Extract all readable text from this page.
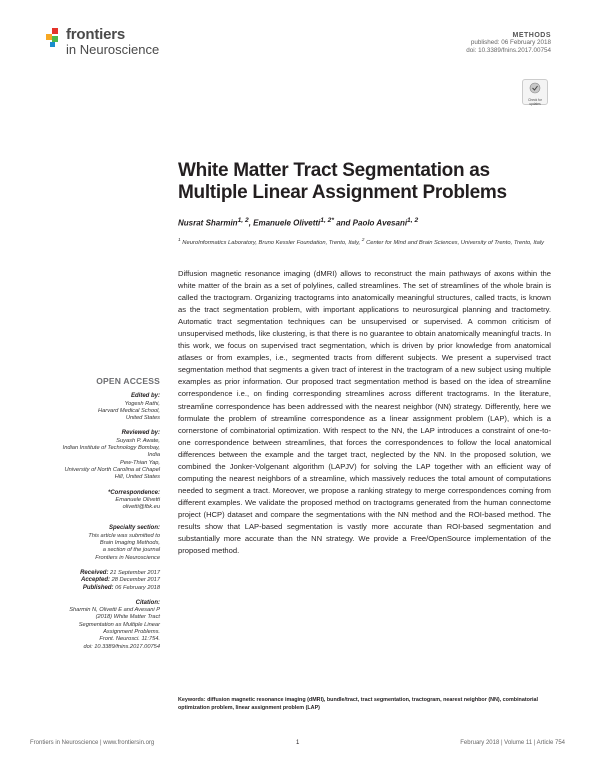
frontiers
in Neuroscience
METHODS
published: 06 February 2018
doi: 10.3389/fnins.2017.00754
Check for updates
White Matter Tract Segmentation as
Multiple Linear Assignment Problems
Nusrat Sharmin$^{1, 2}$, Emanuele Olivetti$^{1, 2*}$ and Paolo Avesani$^{1, 2}$
$^1$ NeuroInformatics Laboratory, Bruno Kessler Foundation, Trento, Italy, $^2$ Center for Mind and Brain Sciences, University of Trento, Trento, Italy
Diffusion magnetic resonance imaging (dMRI) allows to reconstruct the main pathways of axons within the white matter of the brain as a set of polylines, called streamlines. The set of streamlines of the whole brain is called the tractogram. Organizing tractograms into anatomically meaningful structures, called tracts, is known as the tract segmentation problem, with important applications to neurosurgical planning and tractometry. Automatic tract segmentation techniques can be unsupervised or supervised. A common criticism of unsupervised methods, like clustering, is that there is no guarantee to obtain anatomically meaningful tracts. In this work, we focus on supervised tract segmentation, which is driven by prior knowledge from anatomical atlases or from examples, i.e., segmented tracts from different subjects. We present a supervised tract segmentation method that segments a given tract of interest in the tractogram of a new subject using multiple examples as prior information. Our proposed tract segmentation method is based on the idea of streamline correspondence i.e., on finding corresponding streamlines across different tractograms. In the literature, streamline correspondence has been addressed with the nearest neighbor (NN) strategy. Differently, here we formulate the problem of streamline correspondence as a linear assignment problem (LAP), which is a cornerstone of combinatorial optimization. With respect to the NN, the LAP introduces a constraint of one-to-one correspondence between streamlines, that forces the correspondences to follow the local anatomical differences between the example and the target tract, neglected by the NN. In the proposed solution, we combined the Jonker-Volgenant algorithm (LAPJV) for solving the LAP together with an efficient way of computing the nearest neighbors of a streamline, which massively reduces the total amount of computations needed to segment a tract. Moreover, we propose a ranking strategy to merge correspondences coming from different examples. We validate the proposed method on tractograms generated from the human connectome project (HCP) dataset and compare the segmentations with the NN method and the ROI-based method. The results show that LAP-based segmentation is vastly more accurate than ROI-based segmentation and substantially more accurate than the NN strategy. We provide a Free/OpenSource implementation of the proposed method.
Keywords: diffusion magnetic resonance imaging (dMRI), bundle/tract, tract segmentation, tractogram, nearest neighbor (NN), combinatorial optimization problem, linear assignment problem (LAP)
OPEN ACCESS
Edited by:
Yogesh Rathi,
Harvard Medical School,
United States
Reviewed by:
Suyash P. Awate,
Indian Institute of Technology Bombay,
India
Pew-Thian Yap,
University of North Carolina at Chapel
Hill, United States
*Correspondence:
Emanuele Olivetti
olivetti@fbk.eu
Specialty section:
This article was submitted to
Brain Imaging Methods,
a section of the journal
Frontiers in Neuroscience
Received: 21 September 2017
Accepted: 28 December 2017
Published: 06 February 2018
Citation:
Sharmin N, Olivetti E and Avesani P
(2018) White Matter Tract
Segmentation as Multiple Linear
Assignment Problems.
Front. Neurosci. 11:754.
doi: 10.3389/fnins.2017.00754
Frontiers in Neuroscience | www.frontiersin.org	1	February 2018 | Volume 11 | Article 754
